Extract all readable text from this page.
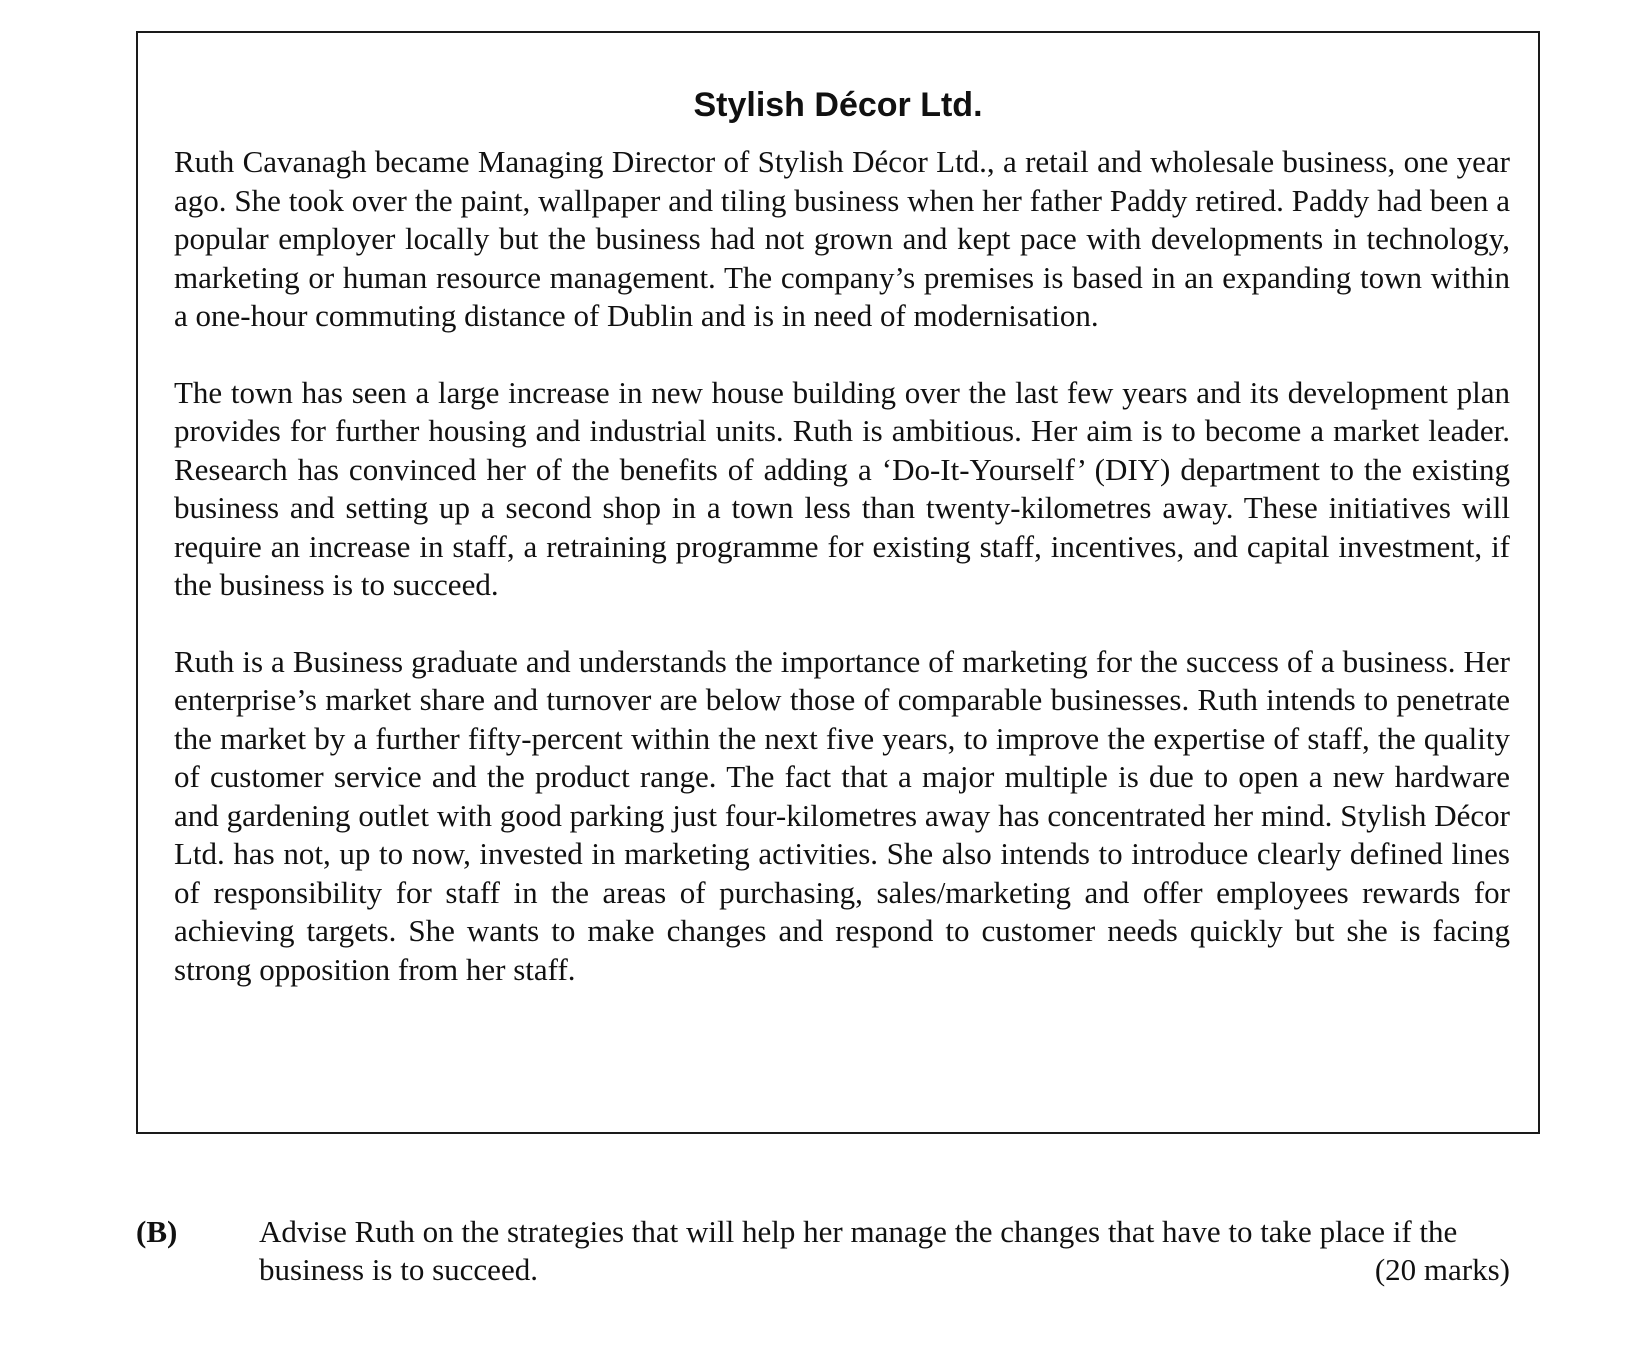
Stylish Décor Ltd.

Ruth Cavanagh became Managing Director of Stylish Décor Ltd., a retail and wholesale business, one year ago. She took over the paint, wallpaper and tiling business when her father Paddy retired. Paddy had been a popular employer locally but the business had not grown and kept pace with developments in technology, marketing or human resource management. The company’s premises is based in an expanding town within a one-hour commuting distance of Dublin and is in need of modernisation.

The town has seen a large increase in new house building over the last few years and its development plan provides for further housing and industrial units. Ruth is ambitious. Her aim is to become a market leader. Research has convinced her of the benefits of adding a ‘Do-It-Yourself’ (DIY) department to the existing business and setting up a second shop in a town less than twenty-kilometres away. These initiatives will require an increase in staff, a retraining programme for existing staff, incentives, and capital investment, if the business is to succeed.

Ruth is a Business graduate and understands the importance of marketing for the success of a business. Her enterprise’s market share and turnover are below those of comparable businesses. Ruth intends to penetrate the market by a further fifty-percent within the next five years, to improve the expertise of staff, the quality of customer service and the product range. The fact that a major multiple is due to open a new hardware and gardening outlet with good parking just four-kilometres away has concentrated her mind. Stylish Décor Ltd. has not, up to now, invested in marketing activities. She also intends to introduce clearly defined lines of responsibility for staff in the areas of purchasing, sales/marketing and offer employees rewards for achieving targets. She wants to make changes and respond to customer needs quickly but she is facing strong opposition from her staff.

(B)	Advise Ruth on the strategies that will help her manage the changes that have to take place if the business is to succeed.	(20 marks)
